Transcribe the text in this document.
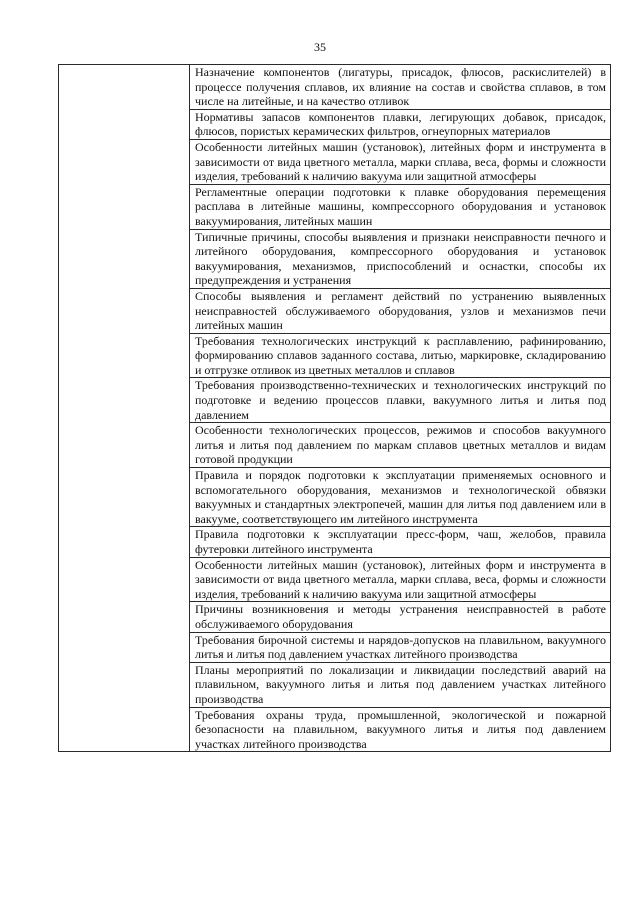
35
	Назначение компонентов (лигатуры, присадок, флюсов, раскислителей) в процессе получения сплавов, их влияние на состав и свойства сплавов, в том числе на литейные, и на качество отливок
Нормативы запасов компонентов плавки, легирующих добавок, присадок, флюсов, пористых керамических фильтров, огнеупорных материалов
Особенности литейных машин (установок), литейных форм и инструмента в зависимости от вида цветного металла, марки сплава, веса, формы и сложности изделия, требований к наличию вакуума или защитной атмосферы
Регламентные операции подготовки к плавке оборудования перемещения расплава в литейные машины, компрессорного оборудования и установок вакуумирования, литейных машин
Типичные причины, способы выявления и признаки неисправности печного и литейного оборудования, компрессорного оборудования и установок вакуумирования, механизмов, приспособлений и оснастки, способы их предупреждения и устранения
Способы выявления и регламент действий по устранению выявленных неисправностей обслуживаемого оборудования, узлов и механизмов печи литейных машин
Требования технологических инструкций к расплавлению, рафинированию, формированию сплавов заданного состава, литью, маркировке, складированию и отгрузке отливок из цветных металлов и сплавов
Требования производственно-технических и технологических инструкций по подготовке и ведению процессов плавки, вакуумного литья и литья под давлением
Особенности технологических процессов, режимов и способов вакуумного литья и литья под давлением по маркам сплавов цветных металлов и видам готовой продукции
Правила и порядок подготовки к эксплуатации применяемых основного и вспомогательного оборудования, механизмов и технологической обвязки вакуумных и стандартных электропечей, машин для литья под давлением или в вакууме, соответствующего им литейного инструмента
Правила подготовки к эксплуатации пресс-форм, чаш, желобов, правила футеровки литейного инструмента
Особенности литейных машин (установок), литейных форм и инструмента в зависимости от вида цветного металла, марки сплава, веса, формы и сложности изделия, требований к наличию вакуума или защитной атмосферы
Причины возникновения и методы устранения неисправностей в работе обслуживаемого оборудования
Требования бирочной системы и нарядов-допусков на плавильном, вакуумного литья и литья под давлением участках литейного производства
Планы мероприятий по локализации и ликвидации последствий аварий на плавильном, вакуумного литья и литья под давлением участках литейного производства
Требования охраны труда, промышленной, экологической и пожарной безопасности на плавильном, вакуумного литья и литья под давлением участках литейного производства
